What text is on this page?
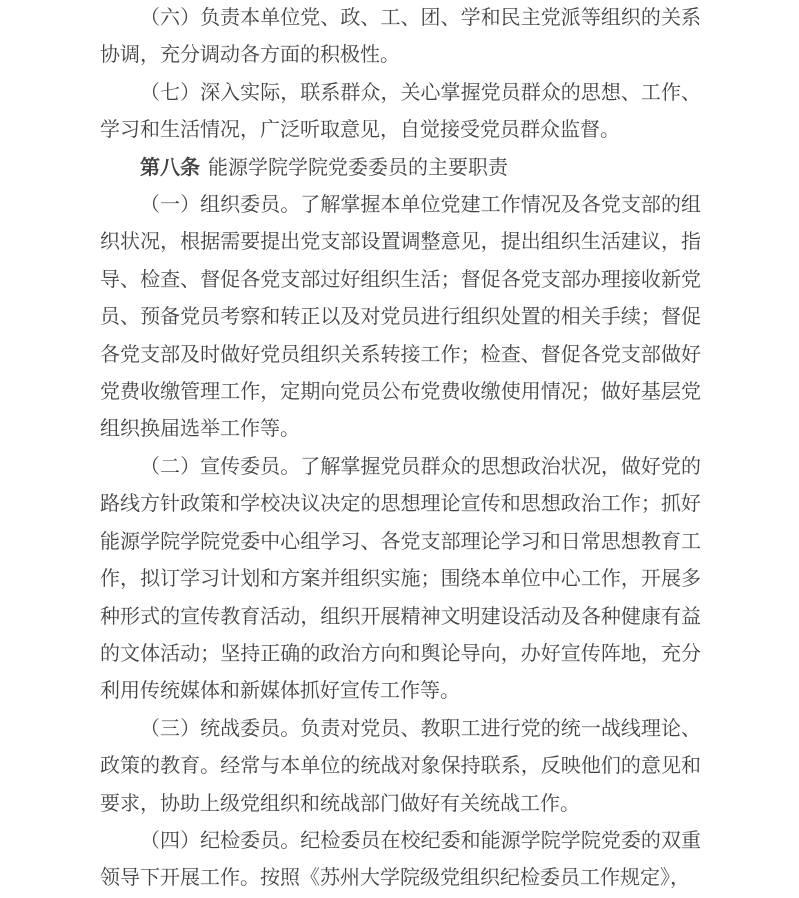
（六）负责本单位党、政、工、团、学和民主党派等组织的关系协调，充分调动各方面的积极性。

（七）深入实际，联系群众，关心掌握党员群众的思想、工作、学习和生活情况，广泛听取意见，自觉接受党员群众监督。

第八条 能源学院学院党委委员的主要职责

（一）组织委员。了解掌握本单位党建工作情况及各党支部的组织状况，根据需要提出党支部设置调整意见，提出组织生活建议，指导、检查、督促各党支部过好组织生活；督促各党支部办理接收新党员、预备党员考察和转正以及对党员进行组织处置的相关手续；督促各党支部及时做好党员组织关系转接工作；检查、督促各党支部做好党费收缴管理工作，定期向党员公布党费收缴使用情况；做好基层党组织换届选举工作等。

（二）宣传委员。了解掌握党员群众的思想政治状况，做好党的路线方针政策和学校决议决定的思想理论宣传和思想政治工作；抓好能源学院学院党委中心组学习、各党支部理论学习和日常思想教育工作，拟订学习计划和方案并组织实施；围绕本单位中心工作，开展多种形式的宣传教育活动，组织开展精神文明建设活动及各种健康有益的文体活动；坚持正确的政治方向和舆论导向，办好宣传阵地，充分利用传统媒体和新媒体抓好宣传工作等。

（三）统战委员。负责对党员、教职工进行党的统一战线理论、政策的教育。经常与本单位的统战对象保持联系，反映他们的意见和要求，协助上级党组织和统战部门做好有关统战工作。

（四）纪检委员。纪检委员在校纪委和能源学院学院党委的双重领导下开展工作。按照《苏州大学院级党组织纪检委员工作规定》，
